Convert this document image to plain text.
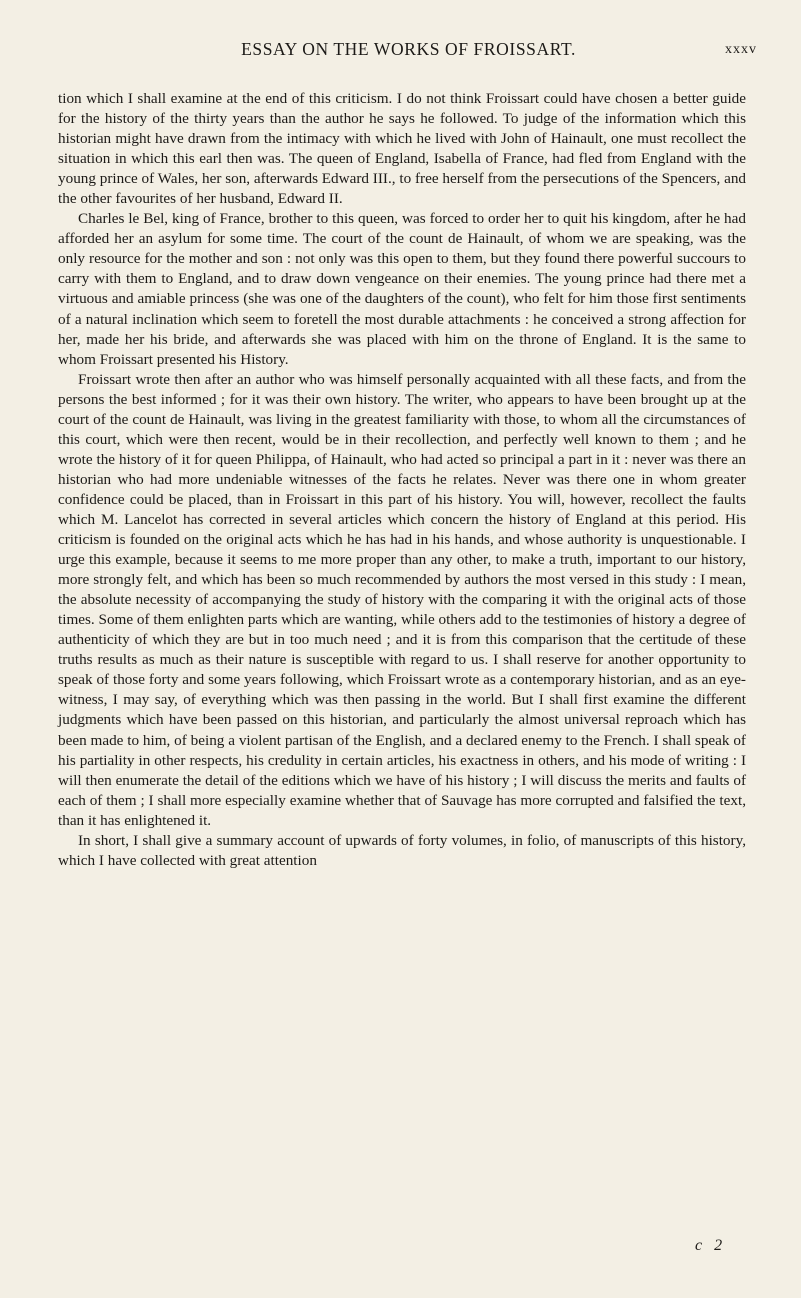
ESSAY ON THE WORKS OF FROISSART.	xxxv

tion which I shall examine at the end of this criticism. I do not think Froissart could have chosen a better guide for the history of the thirty years than the author he says he followed. To judge of the information which this historian might have drawn from the intimacy with which he lived with John of Hainault, one must recollect the situation in which this earl then was. The queen of England, Isabella of France, had fled from England with the young prince of Wales, her son, afterwards Edward III., to free herself from the persecutions of the Spencers, and the other favourites of her husband, Edward II.

Charles le Bel, king of France, brother to this queen, was forced to order her to quit his kingdom, after he had afforded her an asylum for some time. The court of the count de Hainault, of whom we are speaking, was the only resource for the mother and son : not only was this open to them, but they found there powerful succours to carry with them to England, and to draw down vengeance on their enemies. The young prince had there met a virtuous and amiable princess (she was one of the daughters of the count), who felt for him those first sentiments of a natural inclination which seem to foretell the most durable attachments : he conceived a strong affection for her, made her his bride, and afterwards she was placed with him on the throne of England. It is the same to whom Froissart presented his History.

Froissart wrote then after an author who was himself personally acquainted with all these facts, and from the persons the best informed ; for it was their own history. The writer, who appears to have been brought up at the court of the count de Hainault, was living in the greatest familiarity with those, to whom all the circumstances of this court, which were then recent, would be in their recollection, and perfectly well known to them ; and he wrote the history of it for queen Philippa, of Hainault, who had acted so principal a part in it : never was there an historian who had more undeniable witnesses of the facts he relates. Never was there one in whom greater confidence could be placed, than in Froissart in this part of his history. You will, however, recollect the faults which M. Lancelot has corrected in several articles which concern the history of England at this period. His criticism is founded on the original acts which he has had in his hands, and whose authority is unquestionable. I urge this example, because it seems to me more proper than any other, to make a truth, important to our history, more strongly felt, and which has been so much recommended by authors the most versed in this study : I mean, the absolute necessity of accompanying the study of history with the comparing it with the original acts of those times. Some of them enlighten parts which are wanting, while others add to the testimonies of history a degree of authenticity of which they are but in too much need ; and it is from this comparison that the certitude of these truths results as much as their nature is susceptible with regard to us. I shall reserve for another opportunity to speak of those forty and some years following, which Froissart wrote as a contemporary historian, and as an eye-witness, I may say, of everything which was then passing in the world. But I shall first examine the different judgments which have been passed on this historian, and particularly the almost universal reproach which has been made to him, of being a violent partisan of the English, and a declared enemy to the French. I shall speak of his partiality in other respects, his credulity in certain articles, his exactness in others, and his mode of writing : I will then enumerate the detail of the editions which we have of his history ; I will discuss the merits and faults of each of them ; I shall more especially examine whether that of Sauvage has more corrupted and falsified the text, than it has enlightened it.

In short, I shall give a summary account of upwards of forty volumes, in folio, of manuscripts of this history, which I have collected with great attention

c 2
